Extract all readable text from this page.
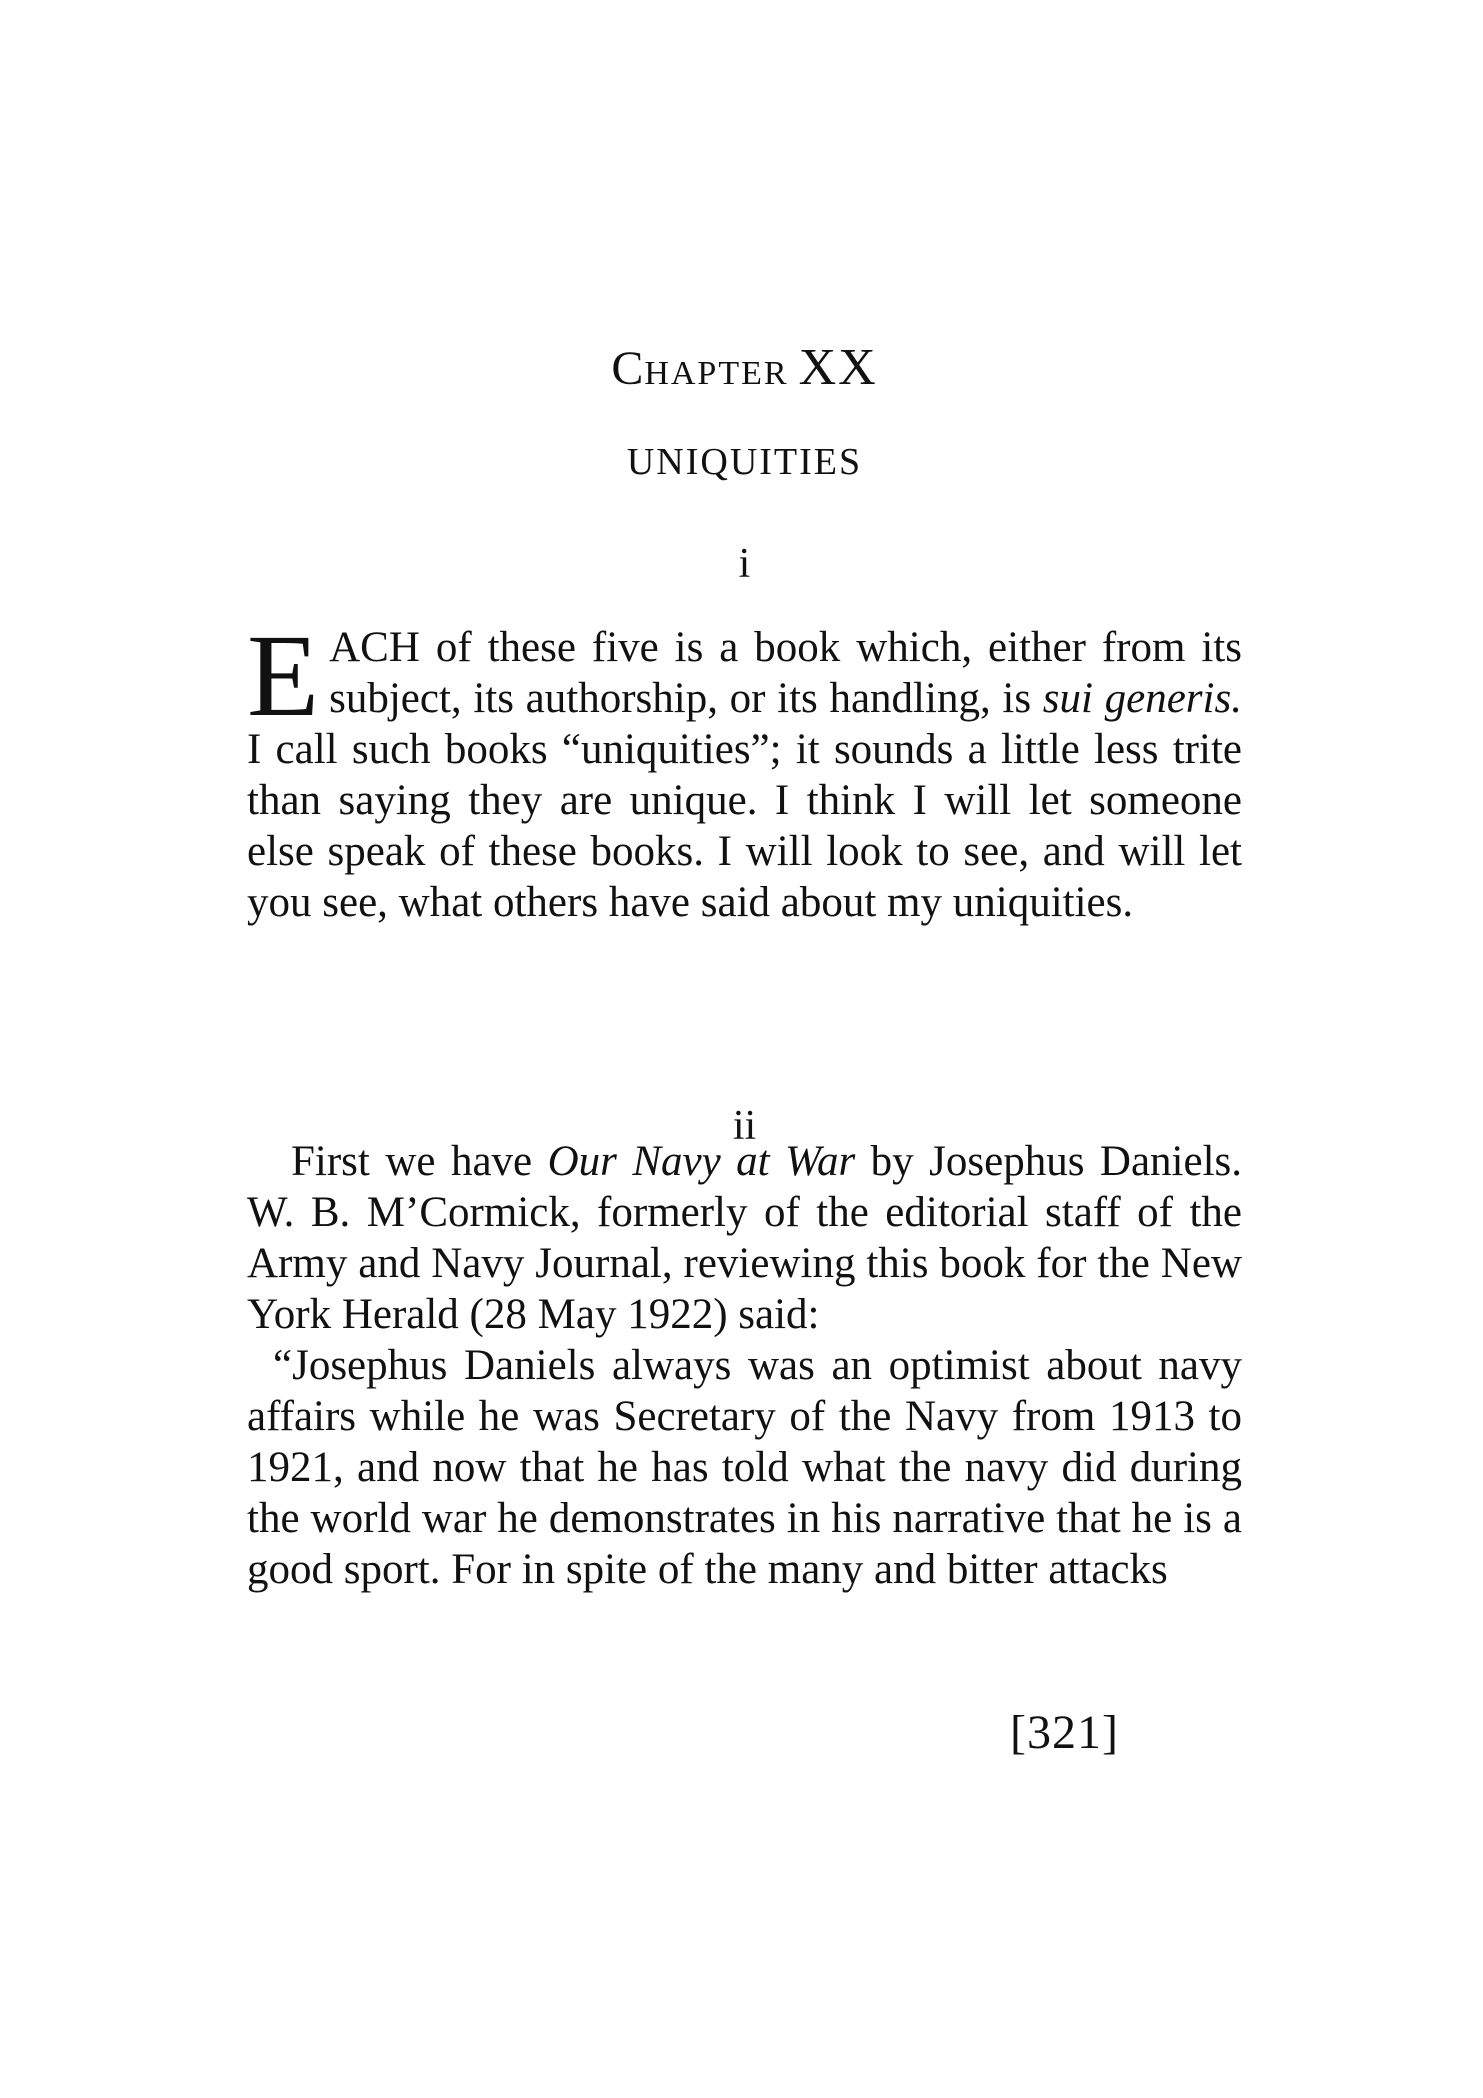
CHAPTER XX
UNIQUITIES
i

EACH of these five is a book which, either from its subject, its authorship, or its handling, is sui generis. I call such books “uniquities”; it sounds a little less trite than saying they are unique. I think I will let someone else speak of these books. I will look to see, and will let you see, what others have said about my uniquities.

ii

First we have Our Navy at War by Josephus Daniels. W. B. M’Cormick, formerly of the editorial staff of the Army and Navy Journal, reviewing this book for the New York Herald (28 May 1922) said:

“Josephus Daniels always was an optimist about navy affairs while he was Secretary of the Navy from 1913 to 1921, and now that he has told what the navy did during the world war he demonstrates in his narrative that he is a good sport. For in spite of the many and bitter attacks

[321]
